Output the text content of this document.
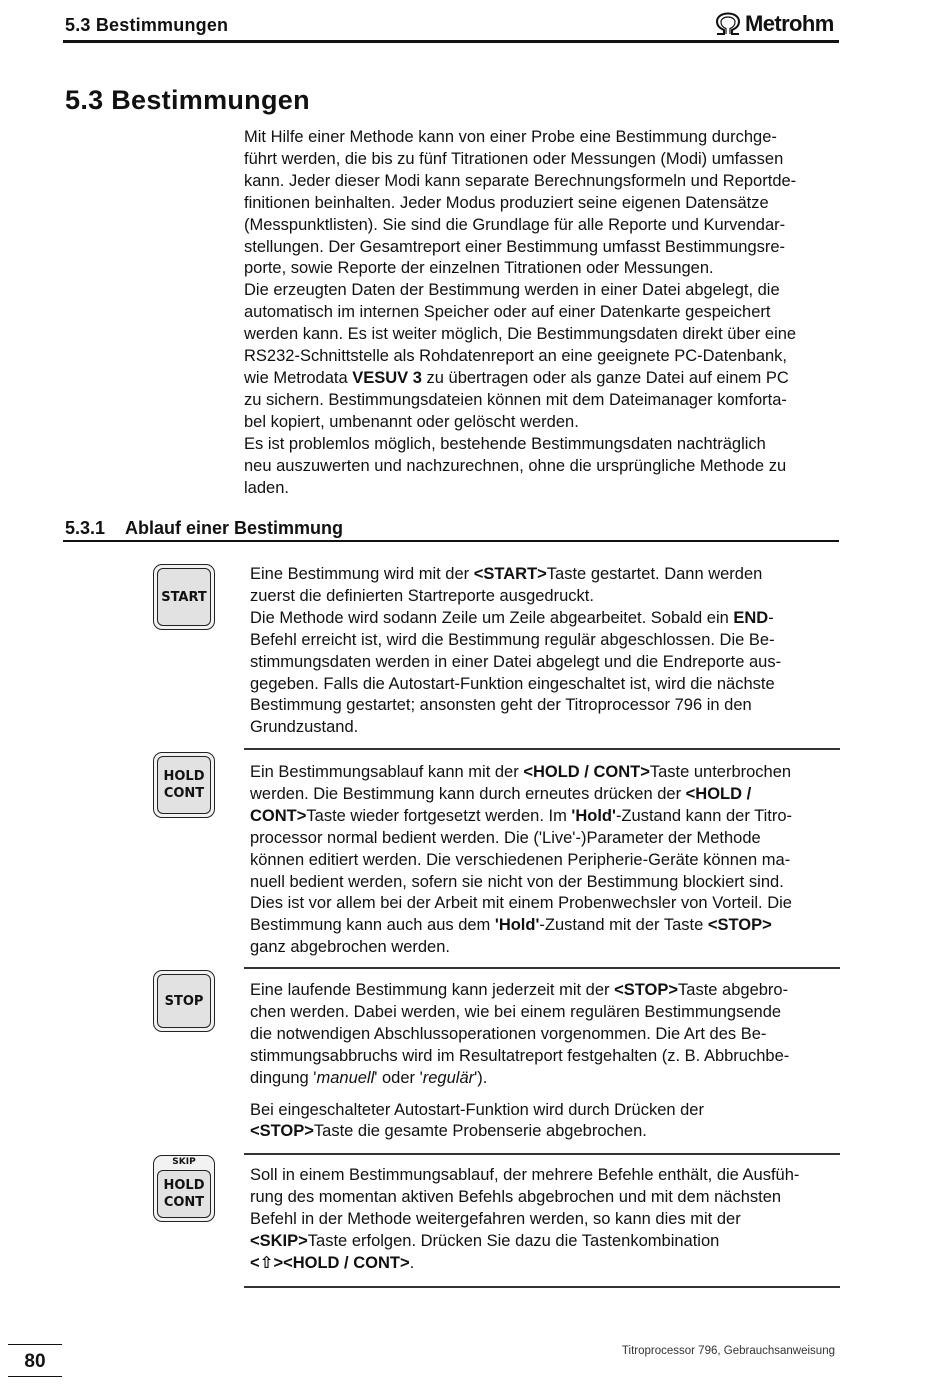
5.3 Bestimmungen	Metrohm
5.3 Bestimmungen

Mit Hilfe einer Methode kann von einer Probe eine Bestimmung durchge-
führt werden, die bis zu fünf Titrationen oder Messungen (Modi) umfassen
kann. Jeder dieser Modi kann separate Berechnungsformeln und Reportde-
finitionen beinhalten. Jeder Modus produziert seine eigenen Datensätze
(Messpunktlisten). Sie sind die Grundlage für alle Reporte und Kurvendar-
stellungen. Der Gesamtreport einer Bestimmung umfasst Bestimmungsre-
porte, sowie Reporte der einzelnen Titrationen oder Messungen.

Die erzeugten Daten der Bestimmung werden in einer Datei abgelegt, die
automatisch im internen Speicher oder auf einer Datenkarte gespeichert
werden kann. Es ist weiter möglich, Die Bestimmungsdaten direkt über eine
RS232-Schnittstelle als Rohdatenreport an eine geeignete PC-Datenbank,
wie Metrodata VESUV 3 zu übertragen oder als ganze Datei auf einem PC
zu sichern. Bestimmungsdateien können mit dem Dateimanager komforta-
bel kopiert, umbenannt oder gelöscht werden.

Es ist problemlos möglich, bestehende Bestimmungsdaten nachträglich
neu auszuwerten und nachzurechnen, ohne die ursprüngliche Methode zu
laden.

5.3.1 Ablauf einer Bestimmung
START
HOLD
CONT
STOP
SKIP
HOLD
CONT

Eine Bestimmung wird mit der <START>Taste gestartet. Dann werden
zuerst die definierten Startreporte ausgedruckt.
Die Methode wird sodann Zeile um Zeile abgearbeitet. Sobald ein END-
Befehl erreicht ist, wird die Bestimmung regulär abgeschlossen. Die Be-
stimmungsdaten werden in einer Datei abgelegt und die Endreporte aus-
gegeben. Falls die Autostart-Funktion eingeschaltet ist, wird die nächste
Bestimmung gestartet; ansonsten geht der Titroprocessor 796 in den
Grundzustand.

Ein Bestimmungsablauf kann mit der <HOLD / CONT>Taste unterbrochen
werden. Die Bestimmung kann durch erneutes drücken der <HOLD /
CONT>Taste wieder fortgesetzt werden. Im 'Hold'-Zustand kann der Titro-
processor normal bedient werden. Die ('Live'-)Parameter der Methode
können editiert werden. Die verschiedenen Peripherie-Geräte können ma-
nuell bedient werden, sofern sie nicht von der Bestimmung blockiert sind.
Dies ist vor allem bei der Arbeit mit einem Probenwechsler von Vorteil. Die
Bestimmung kann auch aus dem 'Hold'-Zustand mit der Taste <STOP>
ganz abgebrochen werden.

Eine laufende Bestimmung kann jederzeit mit der <STOP>Taste abgebro-
chen werden. Dabei werden, wie bei einem regulären Bestimmungsende
die notwendigen Abschlussoperationen vorgenommen. Die Art des Be-
stimmungsabbruchs wird im Resultatreport festgehalten (z. B. Abbruchbe-
dingung 'manuell' oder 'regulär').

Bei eingeschalteter Autostart-Funktion wird durch Drücken der
<STOP>Taste die gesamte Probenserie abgebrochen.

Soll in einem Bestimmungsablauf, der mehrere Befehle enthält, die Ausfüh-
rung des momentan aktiven Befehls abgebrochen und mit dem nächsten
Befehl in der Methode weitergefahren werden, so kann dies mit der
<SKIP>Taste erfolgen. Drücken Sie dazu die Tastenkombination
<⇧><HOLD / CONT>.

80	Titroprocessor 796, Gebrauchsanweisung
